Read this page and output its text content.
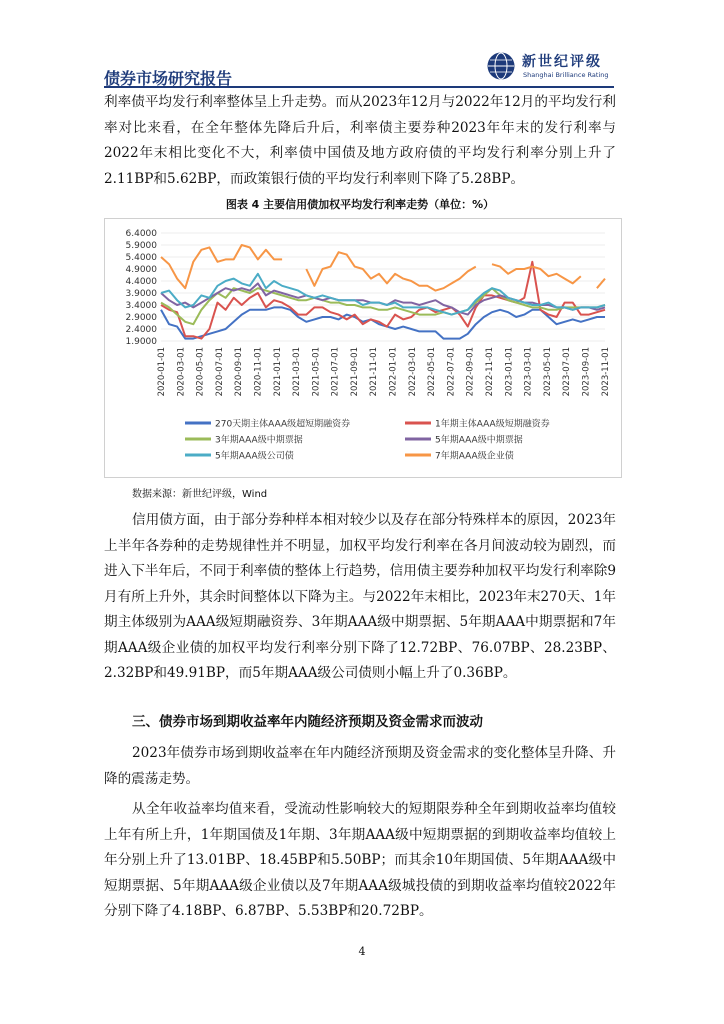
债券市场研究报告
新世纪评级
Shanghai Brilliance Rating
利率债平均发行利率整体呈上升走势。而从2023年12月与2022年12月的平均发行利率对比来看，在全年整体先降后升后，利率债主要券种2023年年末的发行利率与2022年末相比变化不大，利率债中国债及地方政府债的平均发行利率分别上升了2.11BP和5.62BP，而政策银行债的平均发行利率则下降了5.28BP。
图表 4 主要信用债加权平均发行利率走势（单位：%）
6.4000
5.9000
5.4000
4.9000
4.4000
3.9000
3.4000
2.9000
2.4000
1.9000
2020-01-01 2020-03-01 2020-05-01 2020-07-01 2020-09-01 2020-11-01 2021-01-01 2021-03-01 2021-05-01 2021-07-01 2021-09-01 2021-11-01 2022-01-01 2022-03-01 2022-05-01 2022-07-01 2022-09-01 2022-11-01 2023-01-01 2023-03-01 2023-05-01 2023-07-01 2023-09-01 2023-11-01
270天期主体AAA级超短期融资券	1年期主体AAA级短期融资券
3年期AAA级中期票据	5年期AAA级中期票据
5年期AAA级公司债	7年期AAA级企业债
数据来源：新世纪评级，Wind
信用债方面，由于部分券种样本相对较少以及存在部分特殊样本的原因，2023年上半年各券种的走势规律性并不明显，加权平均发行利率在各月间波动较为剧烈，而进入下半年后，不同于利率债的整体上行趋势，信用债主要券种加权平均发行利率除9月有所上升外，其余时间整体以下降为主。与2022年末相比，2023年末270天、1年期主体级别为AAA级短期融资券、3年期AAA级中期票据、5年期AAA中期票据和7年期AAA级企业债的加权平均发行利率分别下降了12.72BP、76.07BP、28.23BP、2.32BP和49.91BP，而5年期AAA级公司债则小幅上升了0.36BP。
三、债券市场到期收益率年内随经济预期及资金需求而波动
2023年债券市场到期收益率在年内随经济预期及资金需求的变化整体呈升降、升降的震荡走势。
从全年收益率均值来看，受流动性影响较大的短期限券种全年到期收益率均值较上年有所上升，1年期国债及1年期、3年期AAA级中短期票据的到期收益率均值较上年分别上升了13.01BP、18.45BP和5.50BP；而其余10年期国债、5年期AAA级中短期票据、5年期AAA级企业债以及7年期AAA级城投债的到期收益率均值较2022年分别下降了4.18BP、6.87BP、5.53BP和20.72BP。
4
